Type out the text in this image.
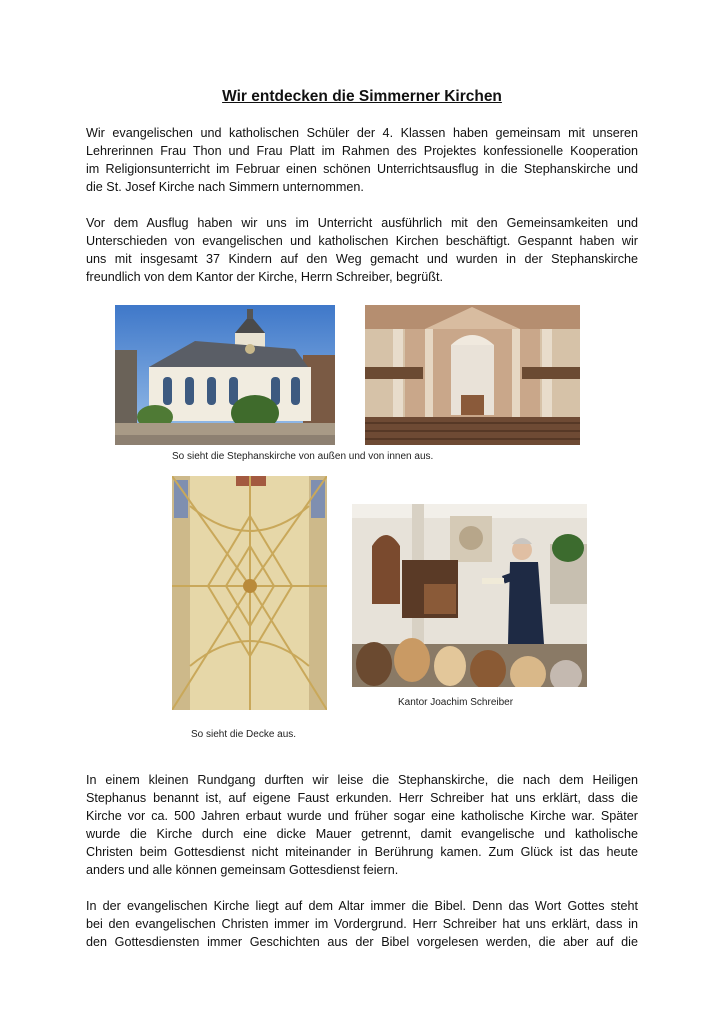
Wir entdecken die Simmerner Kirchen

Wir evangelischen und katholischen Schüler der 4. Klassen haben gemeinsam mit unseren
Lehrerinnen Frau Thon und Frau Platt im Rahmen des Projektes konfessionelle Kooperation
im Religionsunterricht im Februar einen schönen Unterrichtsausflug in die Stephanskirche und
die St. Josef Kirche nach Simmern unternommen.

Vor dem Ausflug haben wir uns im Unterricht ausführlich mit den Gemeinsamkeiten und
Unterschieden von evangelischen und katholischen Kirchen beschäftigt. Gespannt haben wir
uns mit insgesamt 37 Kindern auf den Weg gemacht und wurden in der Stephanskirche
freundlich von dem Kantor der Kirche, Herrn Schreiber, begrüßt.

So sieht die Stephanskirche von außen und von innen aus.
Kantor Joachim Schreiber
So sieht die Decke aus.

In einem kleinen Rundgang durften wir leise die Stephanskirche, die nach dem Heiligen
Stephanus benannt ist, auf eigene Faust erkunden. Herr Schreiber hat uns erklärt, dass die
Kirche vor ca. 500 Jahren erbaut wurde und früher sogar eine katholische Kirche war. Später
wurde die Kirche durch eine dicke Mauer getrennt, damit evangelische und katholische
Christen beim Gottesdienst nicht miteinander in Berührung kamen. Zum Glück ist das heute
anders und alle können gemeinsam Gottesdienst feiern.

In der evangelischen Kirche liegt auf dem Altar immer die Bibel. Denn das Wort Gottes steht
bei den evangelischen Christen immer im Vordergrund. Herr Schreiber hat uns erklärt, dass in
den Gottesdiensten immer Geschichten aus der Bibel vorgelesen werden, die aber auf die
